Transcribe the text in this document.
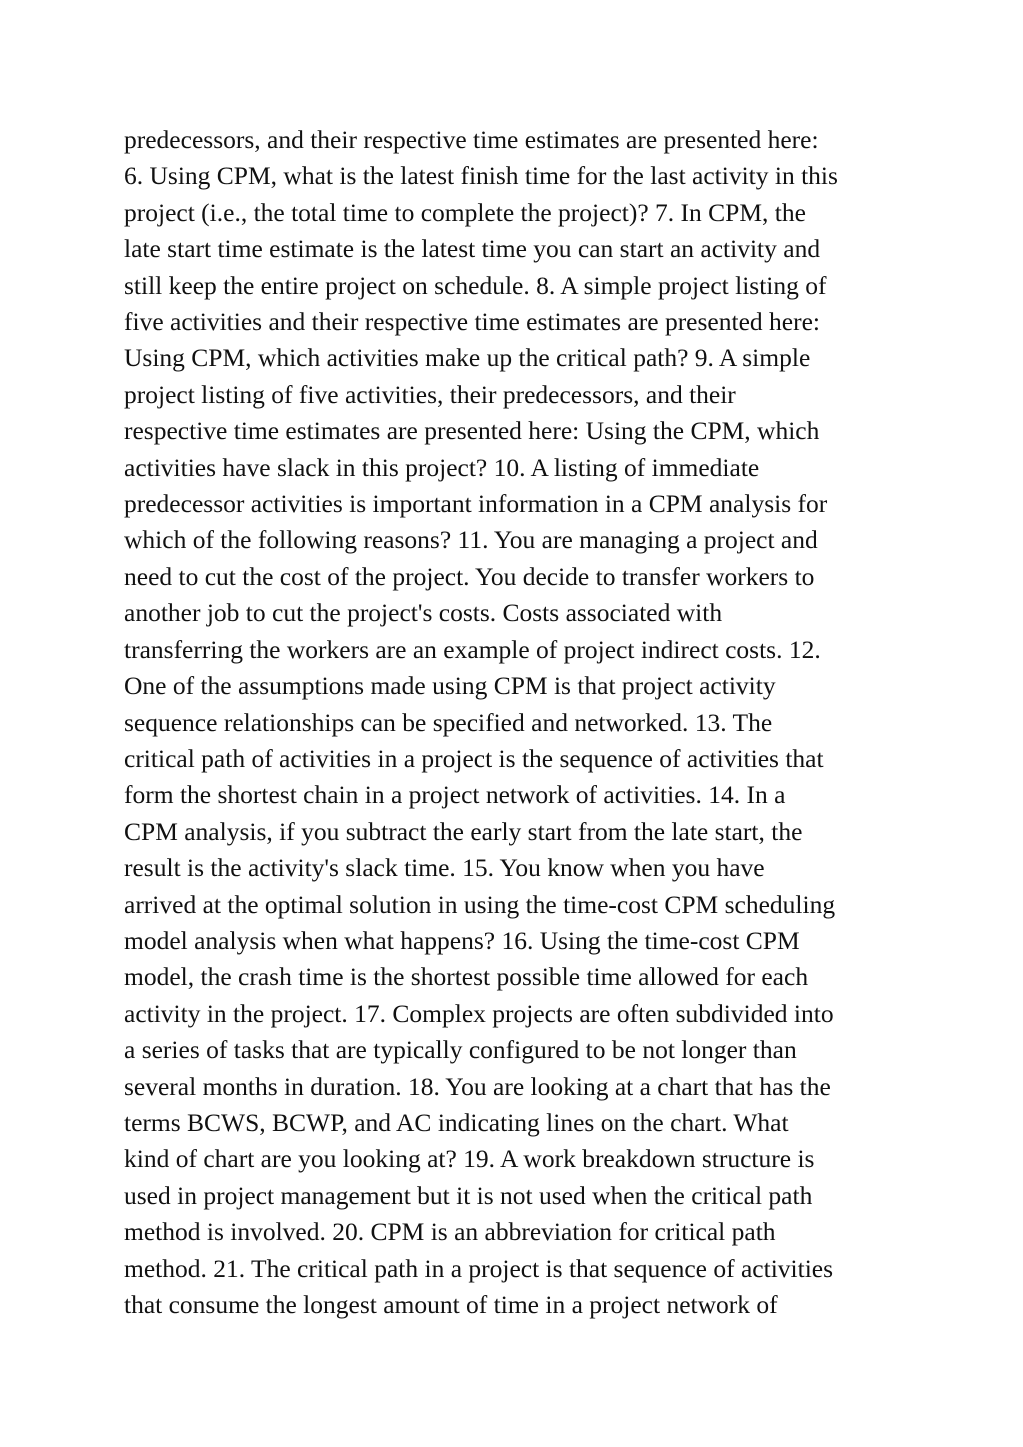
predecessors, and their respective time estimates are presented here:
6. Using CPM, what is the latest finish time for the last activity in this
project (i.e., the total time to complete the project)? 7. In CPM, the
late start time estimate is the latest time you can start an activity and
still keep the entire project on schedule. 8. A simple project listing of
five activities and their respective time estimates are presented here:
Using CPM, which activities make up the critical path? 9. A simple
project listing of five activities, their predecessors, and their
respective time estimates are presented here: Using the CPM, which
activities have slack in this project? 10. A listing of immediate
predecessor activities is important information in a CPM analysis for
which of the following reasons? 11. You are managing a project and
need to cut the cost of the project. You decide to transfer workers to
another job to cut the project's costs. Costs associated with
transferring the workers are an example of project indirect costs. 12.
One of the assumptions made using CPM is that project activity
sequence relationships can be specified and networked. 13. The
critical path of activities in a project is the sequence of activities that
form the shortest chain in a project network of activities. 14. In a
CPM analysis, if you subtract the early start from the late start, the
result is the activity's slack time. 15. You know when you have
arrived at the optimal solution in using the time-cost CPM scheduling
model analysis when what happens? 16. Using the time-cost CPM
model, the crash time is the shortest possible time allowed for each
activity in the project. 17. Complex projects are often subdivided into
a series of tasks that are typically configured to be not longer than
several months in duration. 18. You are looking at a chart that has the
terms BCWS, BCWP, and AC indicating lines on the chart. What
kind of chart are you looking at? 19. A work breakdown structure is
used in project management but it is not used when the critical path
method is involved. 20. CPM is an abbreviation for critical path
method. 21. The critical path in a project is that sequence of activities
that consume the longest amount of time in a project network of
